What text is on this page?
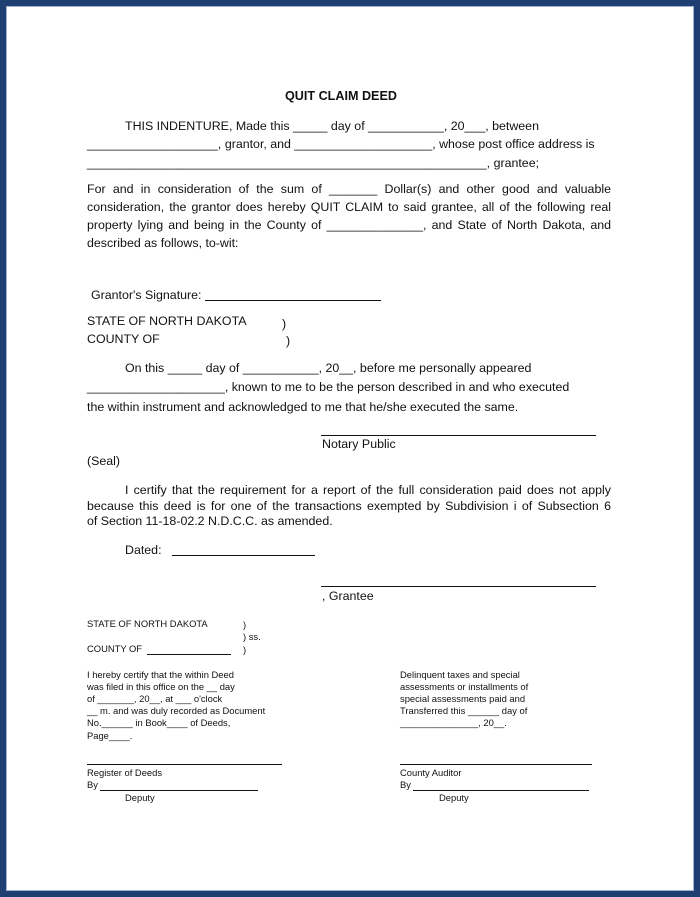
QUIT CLAIM DEED
THIS INDENTURE, Made this _____ day of ___________, 20___, between
___________________, grantor, and ____________________, whose post office address is
__________________________________________________________, grantee;
For and in consideration of the sum of _______ Dollar(s) and other good and valuable
consideration, the grantor does hereby QUIT CLAIM to said grantee, all of the following real
property lying and being in the County of ______________, and State of North Dakota, and
described as follows, to-wit:
Grantor's Signature:
STATE OF NORTH DAKOTA	)
COUNTY OF	)
On this _____ day of ___________, 20__, before me personally appeared
____________________, known to me to be the person described in and who executed
the within instrument and acknowledged to me that he/she executed the same.
Notary Public
(Seal)
I certify that the requirement for a report of the full consideration paid does not apply
because this deed is for one of the transactions exempted by Subdivision i of Subsection 6
of Section 11-18-02.2 N.D.C.C. as amended.
Dated:
, Grantee
STATE OF NORTH DAKOTA	)
) ss.
COUNTY OF	)
I hereby certify that the within Deed
was filed in this office on the __ day
of _______, 20__, at ___ o'clock
__ m. and was duly recorded as Document
No.______ in Book____ of Deeds,
Page____.
Delinquent taxes and special
assessments or installments of
special assessments paid and
Transferred this ______ day of
_______________, 20__.
Register of Deeds
By
Deputy
County Auditor
By
Deputy
